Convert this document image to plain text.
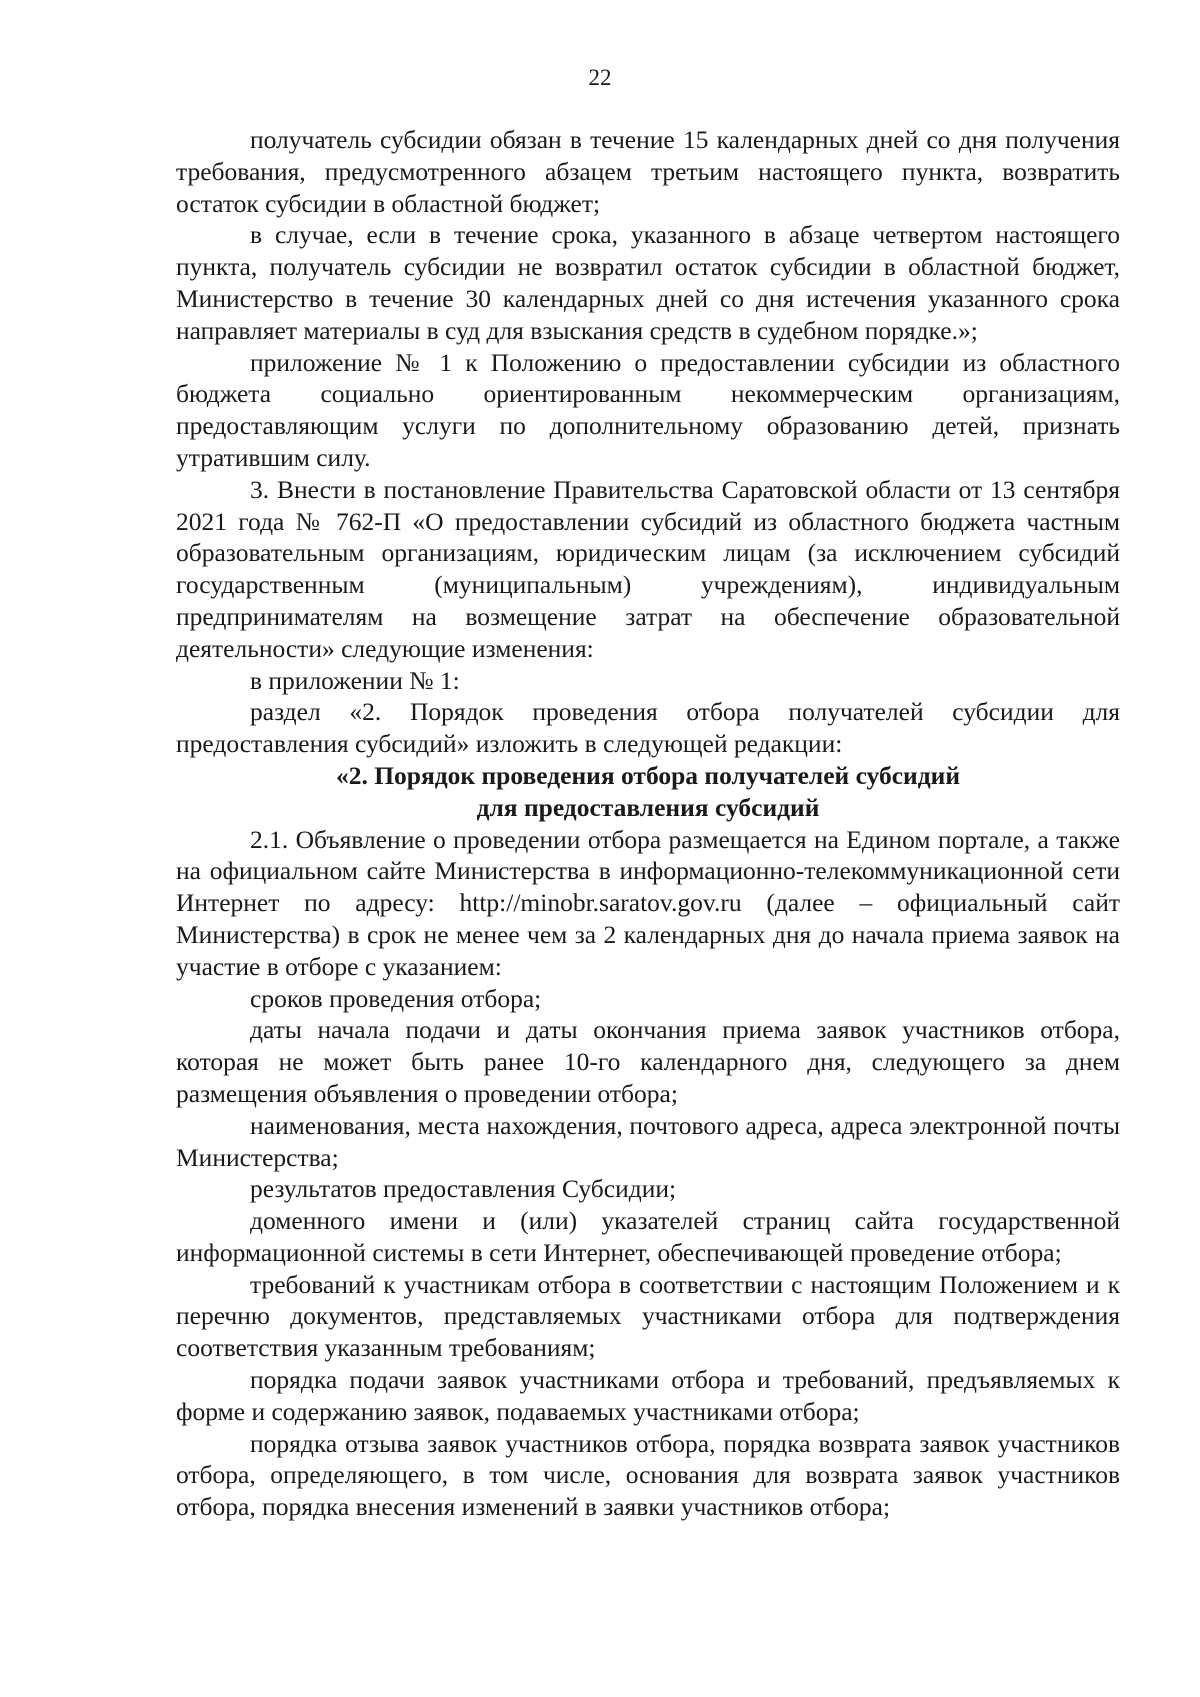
22

получатель субсидии обязан в течение 15 календарных дней со дня получения требования, предусмотренного абзацем третьим настоящего пункта, возвратить остаток субсидии в областной бюджет;

в случае, если в течение срока, указанного в абзаце четвертом настоящего пункта, получатель субсидии не возвратил остаток субсидии в областной бюджет, Министерство в течение 30 календарных дней со дня истечения указанного срока направляет материалы в суд для взыскания средств в судебном порядке.»;

приложение № 1 к Положению о предоставлении субсидии из областного бюджета социально ориентированным некоммерческим организациям, предоставляющим услуги по дополнительному образованию детей, признать утратившим силу.

3. Внести в постановление Правительства Саратовской области от 13 сентября 2021 года № 762-П «О предоставлении субсидий из областного бюджета частным образовательным организациям, юридическим лицам (за исключением субсидий государственным (муниципальным) учреждениям), индивидуальным предпринимателям на возмещение затрат на обеспечение образовательной деятельности» следующие изменения:

в приложении № 1:

раздел «2. Порядок проведения отбора получателей субсидии для предоставления субсидий» изложить в следующей редакции:

«2. Порядок проведения отбора получателей субсидий
для предоставления субсидий

2.1. Объявление о проведении отбора размещается на Едином портале, а также на официальном сайте Министерства в информационно-телекоммуникационной сети Интернет по адресу: http://minobr.saratov.gov.ru (далее – официальный сайт Министерства) в срок не менее чем за 2 календарных дня до начала приема заявок на участие в отборе с указанием:

сроков проведения отбора;

даты начала подачи и даты окончания приема заявок участников отбора, которая не может быть ранее 10-го календарного дня, следующего за днем размещения объявления о проведении отбора;

наименования, места нахождения, почтового адреса, адреса электронной почты Министерства;

результатов предоставления Субсидии;

доменного имени и (или) указателей страниц сайта государственной информационной системы в сети Интернет, обеспечивающей проведение отбора;

требований к участникам отбора в соответствии с настоящим Положением и к перечню документов, представляемых участниками отбора для подтверждения соответствия указанным требованиям;

порядка подачи заявок участниками отбора и требований, предъявляемых к форме и содержанию заявок, подаваемых участниками отбора;

порядка отзыва заявок участников отбора, порядка возврата заявок участников отбора, определяющего, в том числе, основания для возврата заявок участников отбора, порядка внесения изменений в заявки участников отбора;
